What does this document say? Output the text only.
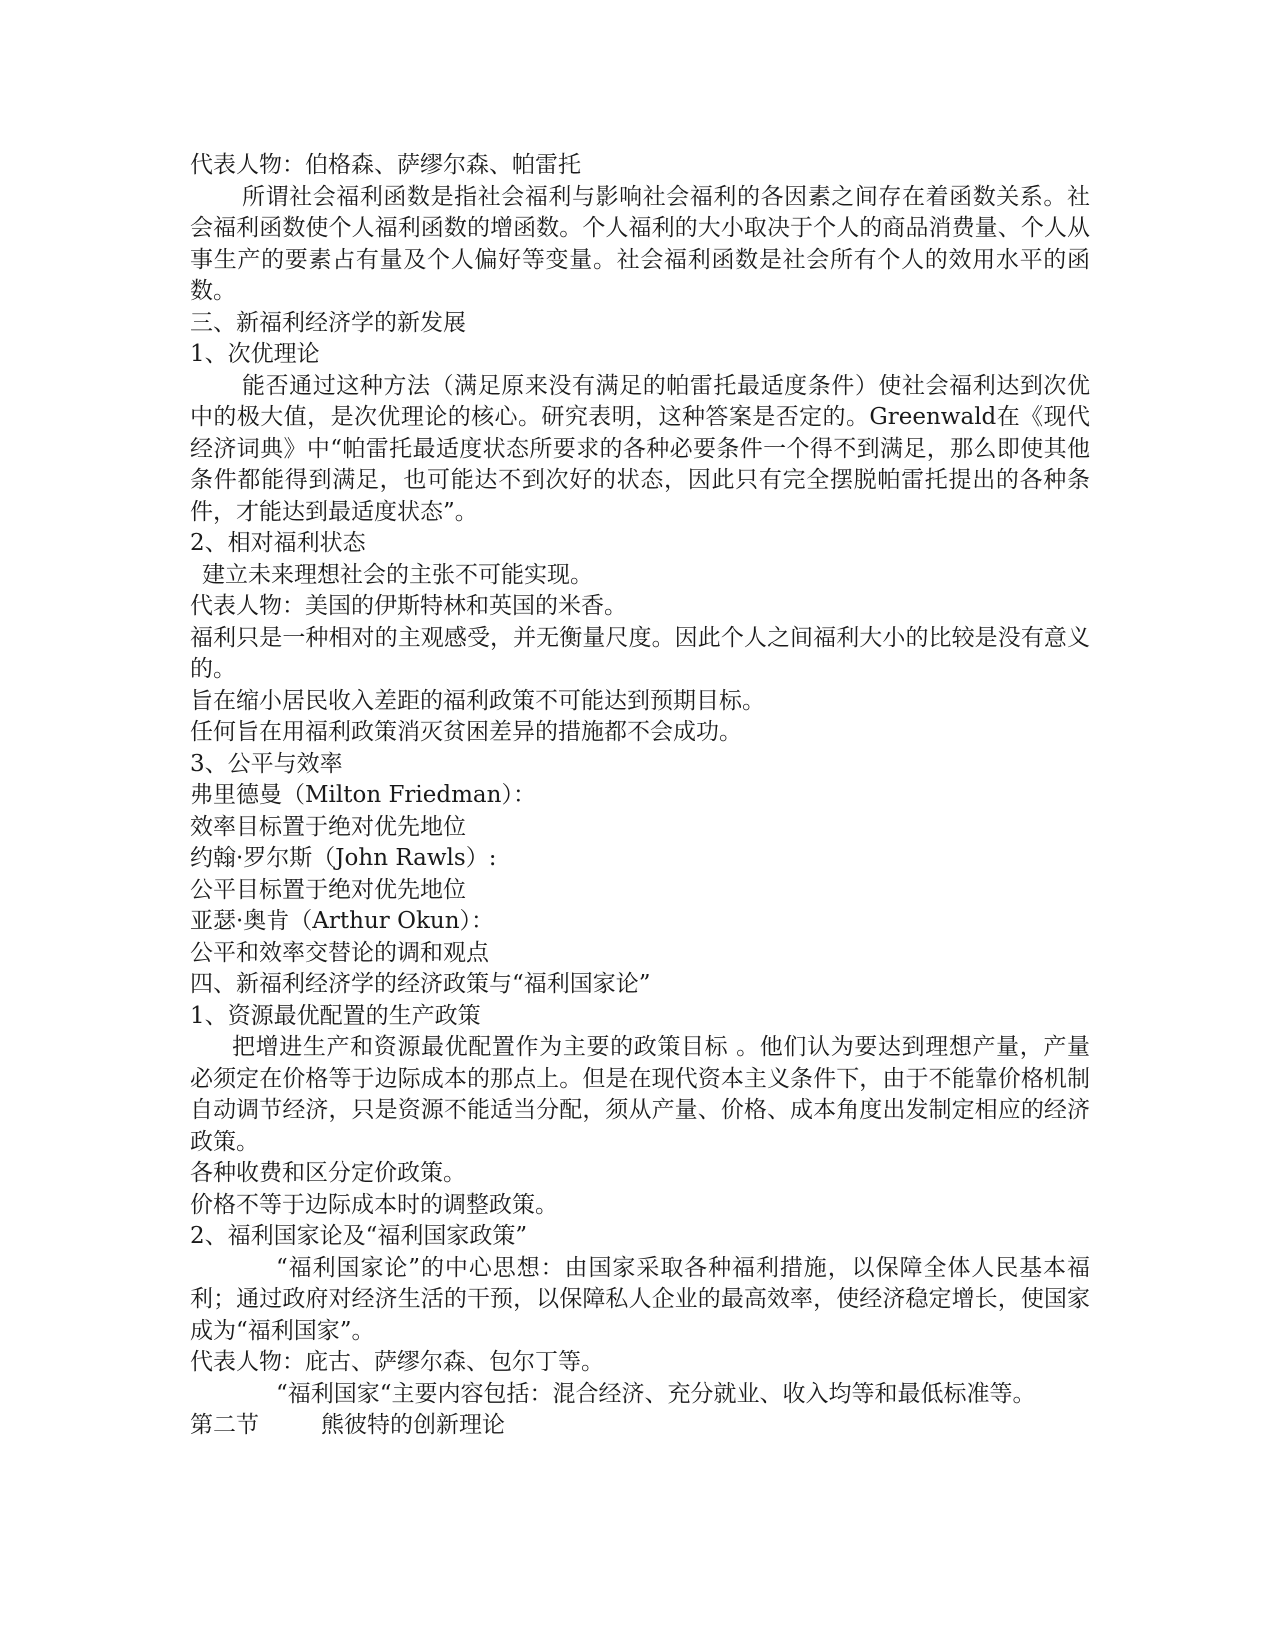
代表人物：伯格森、萨缪尔森、帕雷托

所谓社会福利函数是指社会福利与影响社会福利的各因素之间存在着函数关系。社会福利函数使个人福利函数的增函数。个人福利的大小取决于个人的商品消费量、个人从事生产的要素占有量及个人偏好等变量。社会福利函数是社会所有个人的效用水平的函数。

三、新福利经济学的新发展
1、次优理论

能否通过这种方法（满足原来没有满足的帕雷托最适度条件）使社会福利达到次优中的极大值，是次优理论的核心。研究表明，这种答案是否定的。Greenwald在《现代经济词典》中“帕雷托最适度状态所要求的各种必要条件一个得不到满足，那么即使其他条件都能得到满足，也可能达不到次好的状态，因此只有完全摆脱帕雷托提出的各种条件，才能达到最适度状态”。

2、相对福利状态
建立未来理想社会的主张不可能实现。
代表人物：美国的伊斯特林和英国的米香。

福利只是一种相对的主观感受，并无衡量尺度。因此个人之间福利大小的比较是没有意义的。

旨在缩小居民收入差距的福利政策不可能达到预期目标。
任何旨在用福利政策消灭贫困差异的措施都不会成功。
3、公平与效率
弗里德曼（Milton Friedman）：
效率目标置于绝对优先地位
约翰·罗尔斯（John Rawls）:
公平目标置于绝对优先地位
亚瑟·奥肯（Arthur Okun）：
公平和效率交替论的调和观点
四、新福利经济学的经济政策与“福利国家论”
1、资源最优配置的生产政策

把增进生产和资源最优配置作为主要的政策目标 。他们认为要达到理想产量，产量必须定在价格等于边际成本的那点上。但是在现代资本主义条件下，由于不能靠价格机制自动调节经济，只是资源不能适当分配，须从产量、价格、成本角度出发制定相应的经济政策。

各种收费和区分定价政策。
价格不等于边际成本时的调整政策。
2、福利国家论及“福利国家政策”

“福利国家论”的中心思想：由国家采取各种福利措施，以保障全体人民基本福利；通过政府对经济生活的干预，以保障私人企业的最高效率，使经济稳定增长，使国家成为“福利国家”。

代表人物：庇古、萨缪尔森、包尔丁等。
“福利国家“主要内容包括：混合经济、充分就业、收入均等和最低标准等。
第二节	熊彼特的创新理论
